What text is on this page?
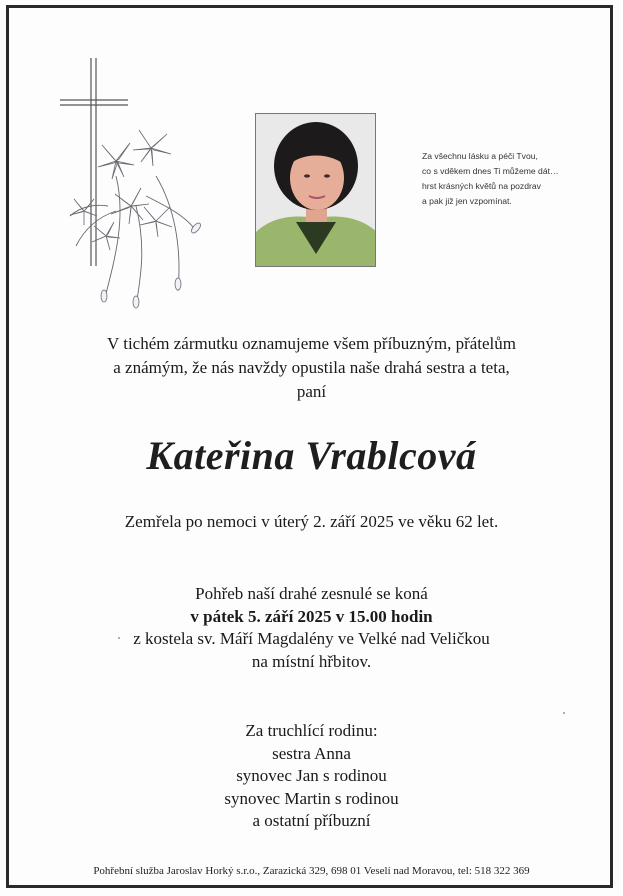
Za všechnu lásku a péči Tvou,
co s vděkem dnes Ti můžeme dát…
hrst krásných květů na pozdrav
a pak již jen vzpomínat.
V tichém zármutku oznamujeme všem příbuzným, přátelům
a známým, že nás navždy opustila naše drahá sestra a teta,
paní
Kateřina Vrablcová
Zemřela po nemoci v úterý 2. září 2025 ve věku 62 let.
Pohřeb naší drahé zesnulé se koná
v pátek 5. září 2025 v 15.00 hodin
z kostela sv. Máří Magdalény ve Velké nad Veličkou
na místní hřbitov.
Za truchlící rodinu:
sestra Anna
synovec Jan s rodinou
synovec Martin s rodinou
a ostatní příbuzní
Pohřební služba Jaroslav Horký s.r.o., Zarazická 329, 698 01 Veselí nad Moravou, tel: 518 322 369
